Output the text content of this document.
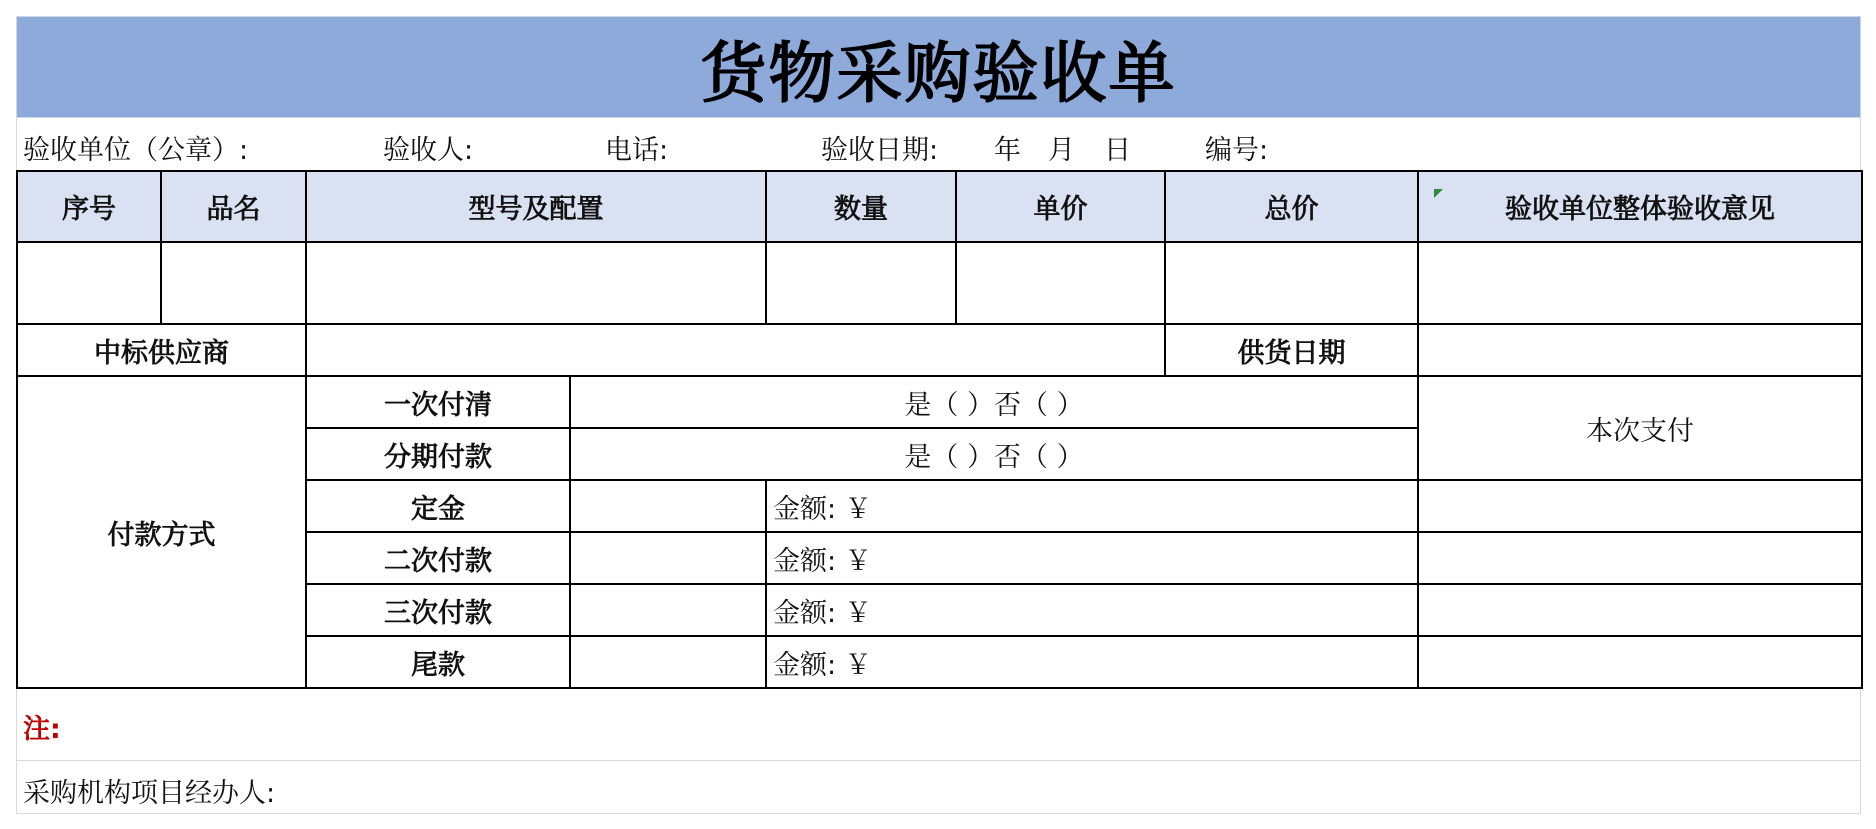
货物采购验收单
验收单位（公章）:	验收人:	电话:	验收日期: 年 月 日	编号:
序号	品名	型号及配置		数量	单价	总价	验收单位整体验收意见

中标供应商						供货日期	
付款方式		一次付清	是（ ）否（ ）				本次支付
		分期付款	是（ ）否（ ）				
		定金		金额: ￥			
		二次付款		金额: ￥			
		三次付款		金额: ￥			
		尾款		金额: ￥			
注:
采购机构项目经办人:
